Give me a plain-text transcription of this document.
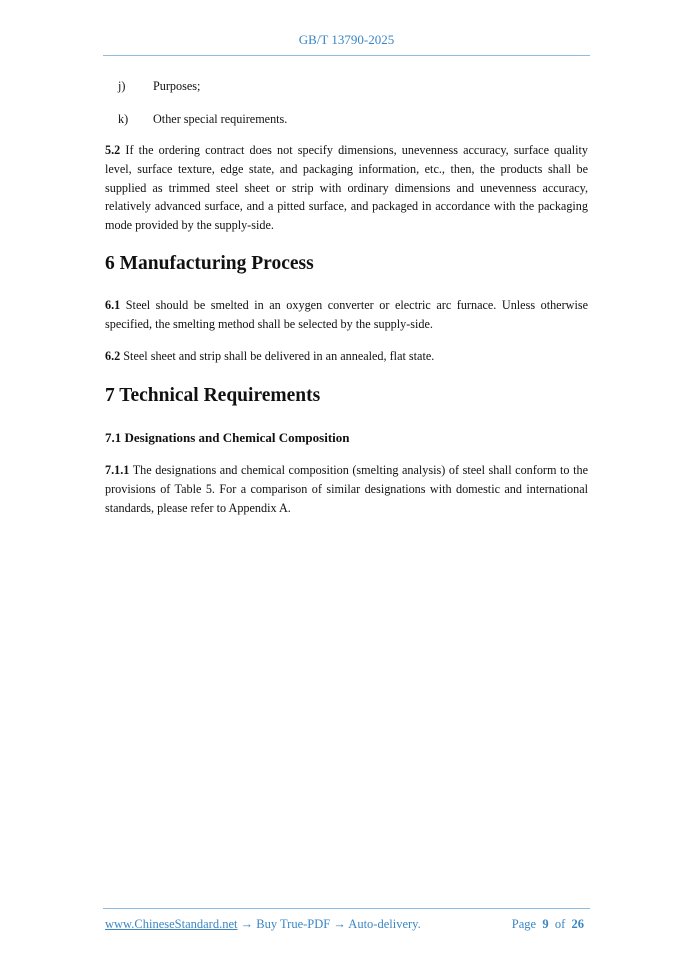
GB/T 13790-2025
j) Purposes;
k) Other special requirements.

5.2 If the ordering contract does not specify dimensions, unevenness accuracy, surface quality level, surface texture, edge state, and packaging information, etc., then, the products shall be supplied as trimmed steel sheet or strip with ordinary dimensions and unevenness accuracy, relatively advanced surface, and a pitted surface, and packaged in accordance with the packaging mode provided by the supply-side.

6 Manufacturing Process

6.1 Steel should be smelted in an oxygen converter or electric arc furnace. Unless otherwise specified, the smelting method shall be selected by the supply-side.

6.2 Steel sheet and strip shall be delivered in an annealed, flat state.

7 Technical Requirements
7.1 Designations and Chemical Composition

7.1.1 The designations and chemical composition (smelting analysis) of steel shall conform to the provisions of Table 5. For a comparison of similar designations with domestic and international standards, please refer to Appendix A.

www.ChineseStandard.net → Buy True-PDF → Auto-delivery.	Page 9 of 26
